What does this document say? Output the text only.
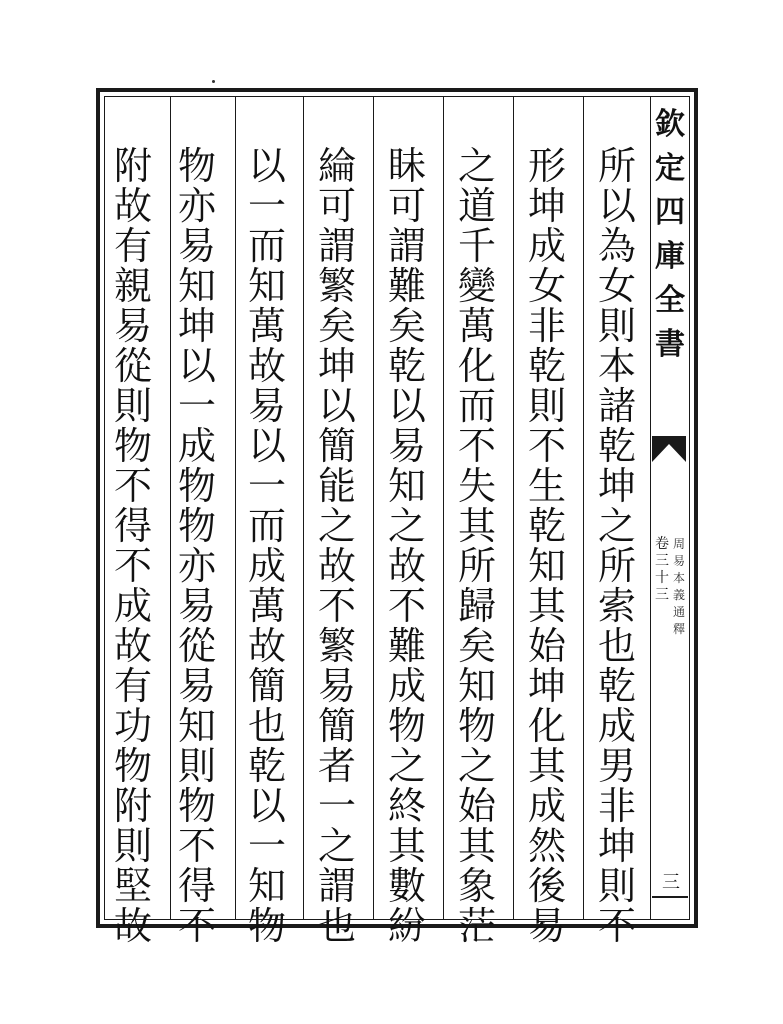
所
以
為
女
則
本
諸
乾
坤
之
所
索
也
乾
成
男
非
坤
則
不
形
坤
成
女
非
乾
則
不
生
乾
知
其
始
坤
化
其
成
然
後
易
之
道
千
變
萬
化
而
不
失
其
所
歸
矣
知
物
之
始
其
象
茫
眛
可
謂
難
矣
乾
以
易
知
之
故
不
難
成
物
之
終
其
數
紛
綸
可
謂
繁
矣
坤
以
簡
能
之
故
不
繁
易
簡
者
一
之
謂
也
以
一
而
知
萬
故
易
以
一
而
成
萬
故
簡
也
乾
以
一
知
物
物
亦
易
知
坤
以
一
成
物
物
亦
易
從
易
知
則
物
不
得
不
附
故
有
親
易
從
則
物
不
得
不
成
故
有
功
物
附
則
堅
故
欽
定
四
庫
全
書
卷
三
十
三
周
易
本
義
通
釋
三
